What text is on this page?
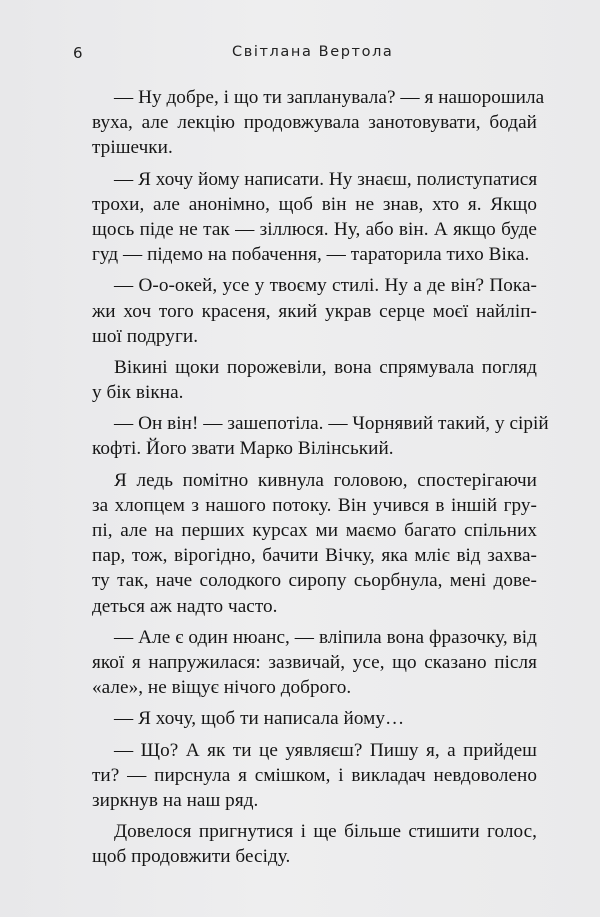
6	Світлана Вертола
— Ну добре, і що ти запланувала? — я нашорошила
вуха, але лекцію продовжувала занотовувати, бодай
трішечки.
— Я хочу йому написати. Ну знаєш, полиступатися
трохи, але анонімно, щоб він не знав, хто я. Якщо
щось піде не так — зіллюся. Ну, або він. А якщо буде
гуд — підемо на побачення, — тараторила тихо Віка.
— О-о-окей, усе у твоєму стилі. Ну а де він? Пока-
жи хоч того красеня, який украв серце моєї найліп-
шої подруги.
Вікині щоки порожевіли, вона спрямувала погляд
у бік вікна.
— Он він! — зашепотіла. — Чорнявий такий, у сірій
кофті. Його звати Марко Вілінський.
Я ледь помітно кивнула головою, спостерігаючи
за хлопцем з нашого потоку. Він учився в іншій гру-
пі, але на перших курсах ми маємо багато спільних
пар, тож, вірогідно, бачити Вічку, яка мліє від захва-
ту так, наче солодкого сиропу сьорбнула, мені дове-
деться аж надто часто.
— Але є один нюанс, — вліпила вона фразочку, від
якої я напружилася: зазвичай, усе, що сказано після
«але», не віщує нічого доброго.
— Я хочу, щоб ти написала йому…
— Що? А як ти це уявляєш? Пишу я, а прийдеш
ти? — пирснула я смішком, і викладач невдоволено
зиркнув на наш ряд.
Довелося пригнутися і ще більше стишити голос,
щоб продовжити бесіду.
